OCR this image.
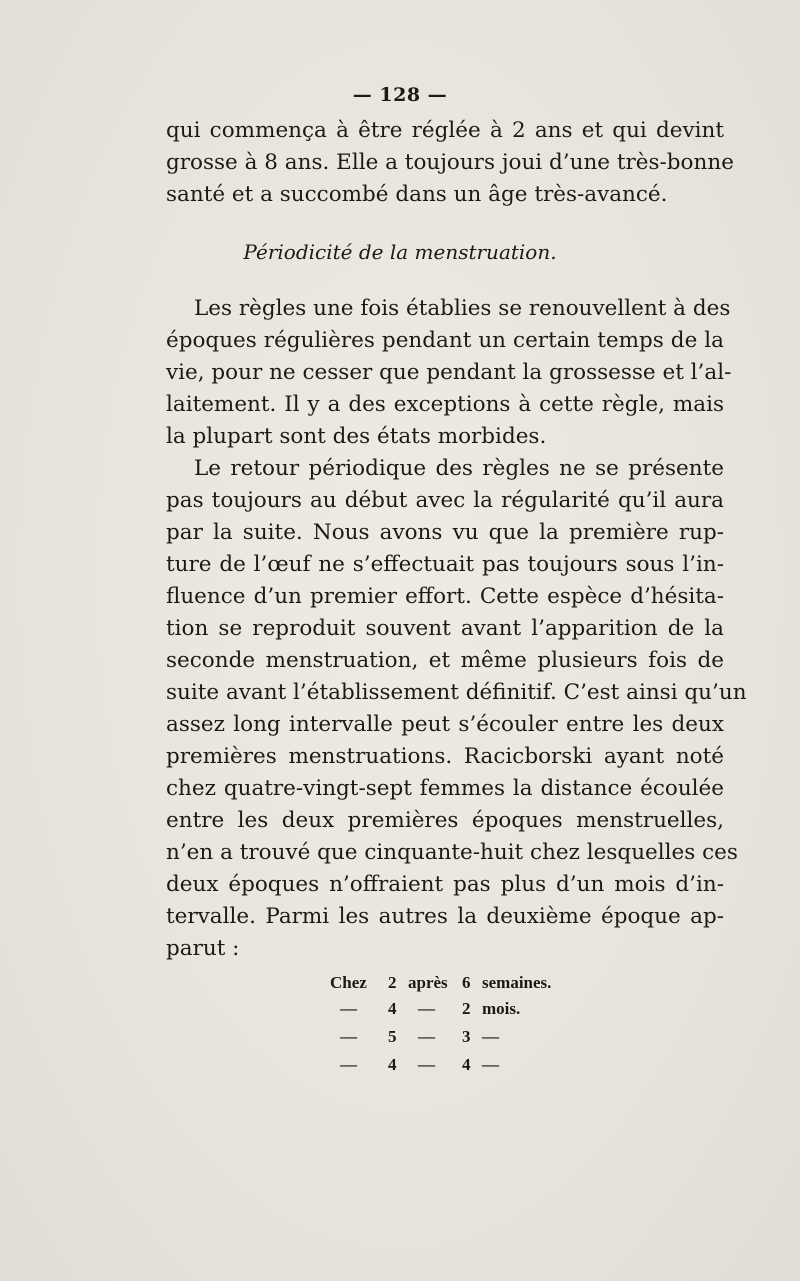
— 128 —
qui commença à être réglée à 2 ans et qui devint
grosse à 8 ans. Elle a toujours joui d’une très-bonne
santé et a succombé dans un âge très-avancé.
Périodicité de la menstruation.
Les règles une fois établies se renouvellent à des
époques régulières pendant un certain temps de la
vie, pour ne cesser que pendant la grossesse et l’al-
laitement. Il y a des exceptions à cette règle, mais
la plupart sont des états morbides.
Le retour périodique des règles ne se présente
pas toujours au début avec la régularité qu’il aura
par la suite. Nous avons vu que la première rup-
ture de l’œuf ne s’effectuait pas toujours sous l’in-
fluence d’un premier effort. Cette espèce d’hésita-
tion se reproduit souvent avant l’apparition de la
seconde menstruation, et même plusieurs fois de
suite avant l’établissement définitif. C’est ainsi qu’un
assez long intervalle peut s’écouler entre les deux
premières menstruations. Racicborski ayant noté
chez quatre-vingt-sept femmes la distance écoulée
entre les deux premières époques menstruelles,
n’en a trouvé que cinquante-huit chez lesquelles ces
deux époques n’offraient pas plus d’un mois d’in-
tervalle. Parmi les autres la deuxième époque ap-
parut :
Chez 2 après 6 semaines.
— 4 — 2 mois.
— 5 — 3 —
— 4 — 4 —
